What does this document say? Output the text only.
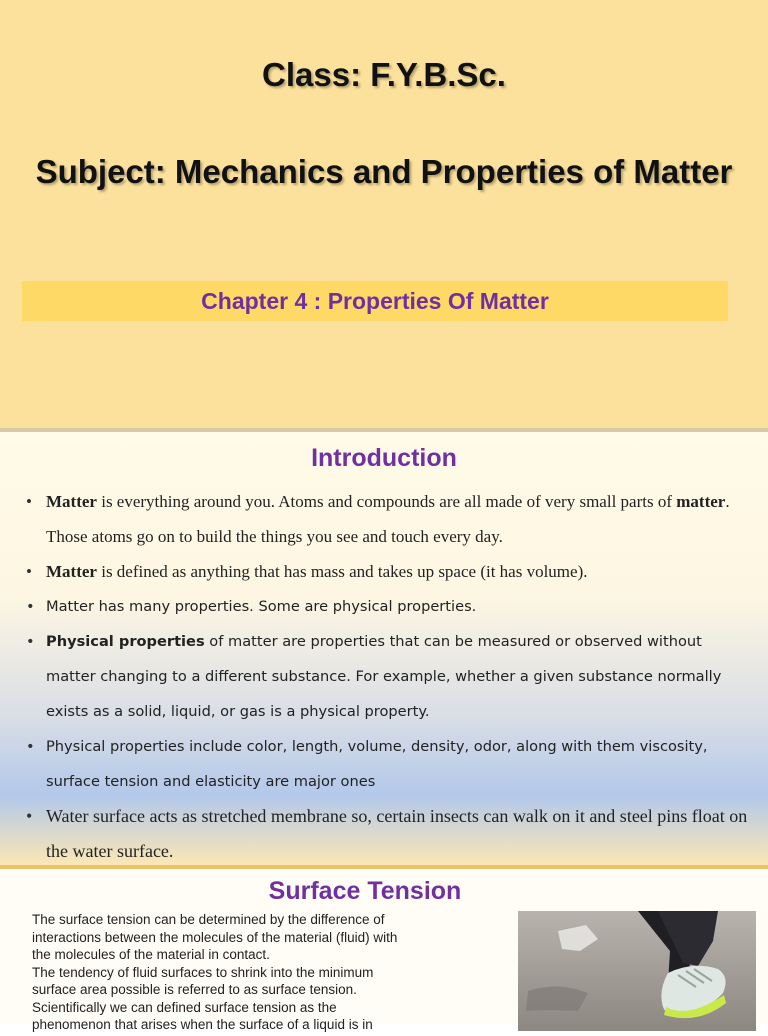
Class: F.Y.B.Sc.
Subject: Mechanics and Properties of Matter
Chapter 4 : Properties Of Matter
Introduction
• Matter is everything around you. Atoms and compounds are all made of very small parts of matter. Those atoms go on to build the things you see and touch every day.
• Matter is defined as anything that has mass and takes up space (it has volume).
• Matter has many properties. Some are physical properties.
• Physical properties of matter are properties that can be measured or observed without matter changing to a different substance. For example, whether a given substance normally exists as a solid, liquid, or gas is a physical property.
• Physical properties include color, length, volume, density, odor, along with them viscosity, surface tension and elasticity are major ones
• Water surface acts as stretched membrane so, certain insects can walk on it and steel pins float on the water surface.
Surface Tension

The surface tension can be determined by the difference of interactions between the molecules of the material (fluid) with the molecules of the material in contact.

The tendency of fluid surfaces to shrink into the minimum surface area possible is referred to as surface tension.

Scientifically we can defined surface tension as the phenomenon that arises when the surface of a liquid is in
